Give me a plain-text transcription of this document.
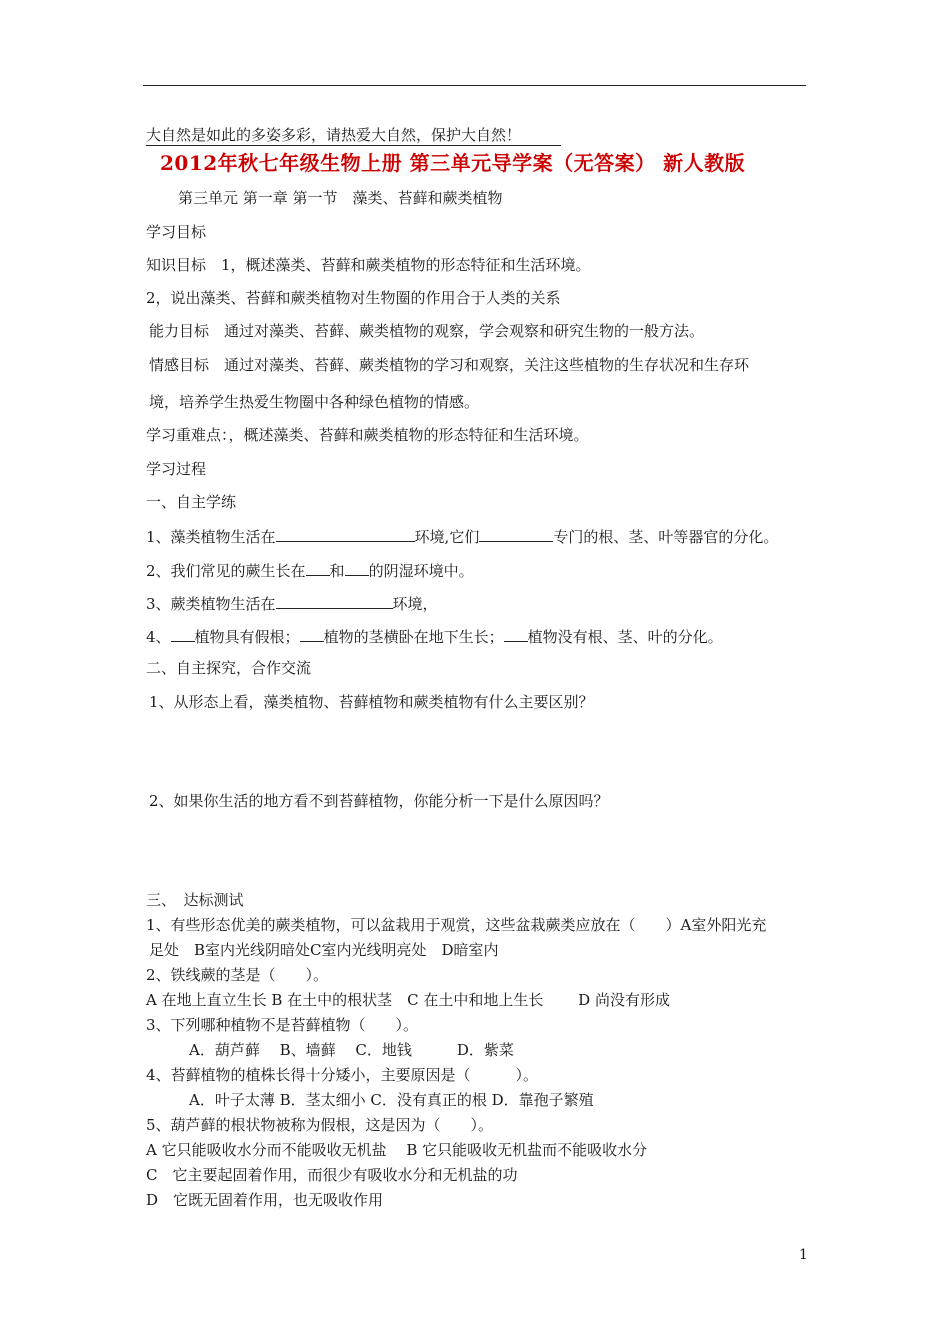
大自然是如此的多姿多彩，请热爱大自然，保护大自然！
2012年秋七年级生物上册 第三单元导学案（无答案） 新人教版
第三单元 第一章 第一节　藻类、苔藓和蕨类植物
学习目标
知识目标　1，概述藻类、苔藓和蕨类植物的形态特征和生活环境。
2，说出藻类、苔藓和蕨类植物对生物圈的作用合于人类的关系
能力目标　通过对藻类、苔藓、蕨类植物的观察，学会观察和研究生物的一般方法。
情感目标　通过对藻类、苔藓、蕨类植物的学习和观察，关注这些植物的生存状况和生存环
境，培养学生热爱生物圈中各种绿色植物的情感。
学习重难点：，概述藻类、苔藓和蕨类植物的形态特征和生活环境。
学习过程
一、自主学练
1、藻类植物生活在	环境,它们	专门的根、茎、叶等器官的分化。
2、我们常见的蕨生长在 和 的阴湿环境中。
3、蕨类植物生活在	环境，
4、 植物具有假根； 植物的茎横卧在地下生长； 植物没有根、茎、叶的分化。
二、自主探究，合作交流
1、从形态上看，藻类植物、苔藓植物和蕨类植物有什么主要区别？
2、如果你生活的地方看不到苔藓植物，你能分析一下是什么原因吗？
三、　达标测试
1、有些形态优美的蕨类植物，可以盆栽用于观赏，这些盆栽蕨类应放在（　　）A室外阳光充
足处　B室内光线阴暗处C室内光线明亮处　D暗室内
2、铁线蕨的茎是（　　）。
A 在地上直立生长 B 在土中的根状茎　C 在土中和地上生长　　 D 尚没有形成
3、下列哪种植物不是苔藓植物（　　）。
A．葫芦藓　 B、墙藓　 C．地钱　　　D．紫菜
4、苔藓植物的植株长得十分矮小，主要原因是（　　　）。
A．叶子太薄 B．茎太细小 C．没有真正的根 D．靠孢子繁殖
5、葫芦藓的根状物被称为假根，这是因为（　　）。
A 它只能吸收水分而不能吸收无机盐　 B 它只能吸收无机盐而不能吸收水分
C　它主要起固着作用，而很少有吸收水分和无机盐的功
D　它既无固着作用，也无吸收作用
1
